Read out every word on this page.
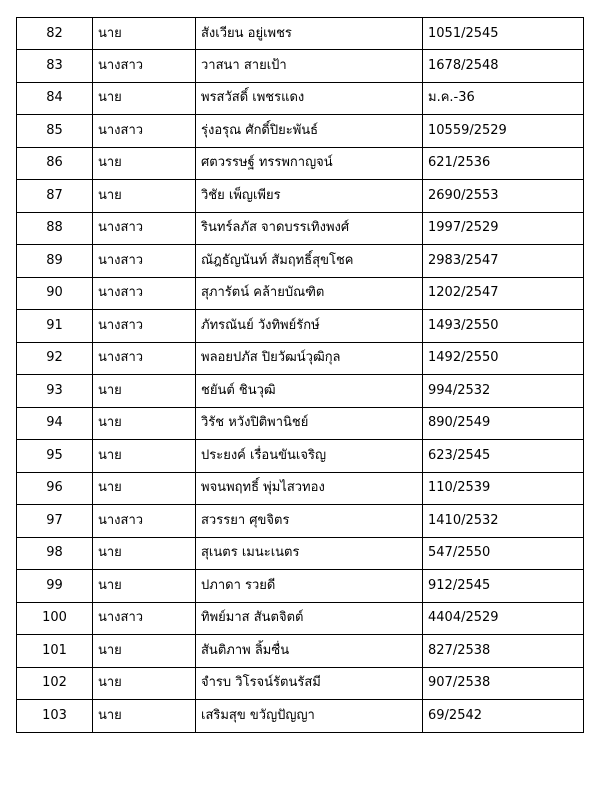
82	นาย	สังเวียน อยู่เพชร	1051/2545
83	นางสาว	วาสนา สายเป้า	1678/2548
84	นาย	พรสวัสดิ์ เพชรแดง	ม.ค.-36
85	นางสาว	รุ่งอรุณ ศักดิ์ปิยะพันธ์	10559/2529
86	นาย	ศตวรรษฐ์ ทรรพกาญจน์	621/2536
87	นาย	วิชัย เพ็ญเพียร	2690/2553
88	นางสาว	รินทร์ลภัส จาดบรรเทิงพงศ์	1997/2529
89	นางสาว	ณัฎธัญนันท์ สัมฤทธิ์สุขโชค	2983/2547
90	นางสาว	สุภารัตน์ คล้ายบัณฑิต	1202/2547
91	นางสาว	ภัทรณันย์ วังทิพย์รักษ์	1493/2550
92	นางสาว	พลอยปภัส ปิยวัฒน์วุฒิกุล	1492/2550
93	นาย	ชยันต์ ชินวุฒิ	994/2532
94	นาย	วิรัช หวังปิติพานิชย์	890/2549
95	นาย	ประยงค์ เรื่อนขันเจริญ	623/2545
96	นาย	พจนพฤทธิ์ พุ่มไสวทอง	110/2539
97	นางสาว	สวรรยา ศุขจิตร	1410/2532
98	นาย	สุเนตร เมนะเนตร	547/2550
99	นาย	ปภาดา รวยดี	912/2545
100	นางสาว	ทิพย์มาส สันตจิตต์	4404/2529
101	นาย	สันติภาพ ลิ้มซื่น	827/2538
102	นาย	จำรบ วิโรจน์รัตนรัสมี	907/2538
103	นาย	เสริมสุข ขวัญปัญญา	69/2542
